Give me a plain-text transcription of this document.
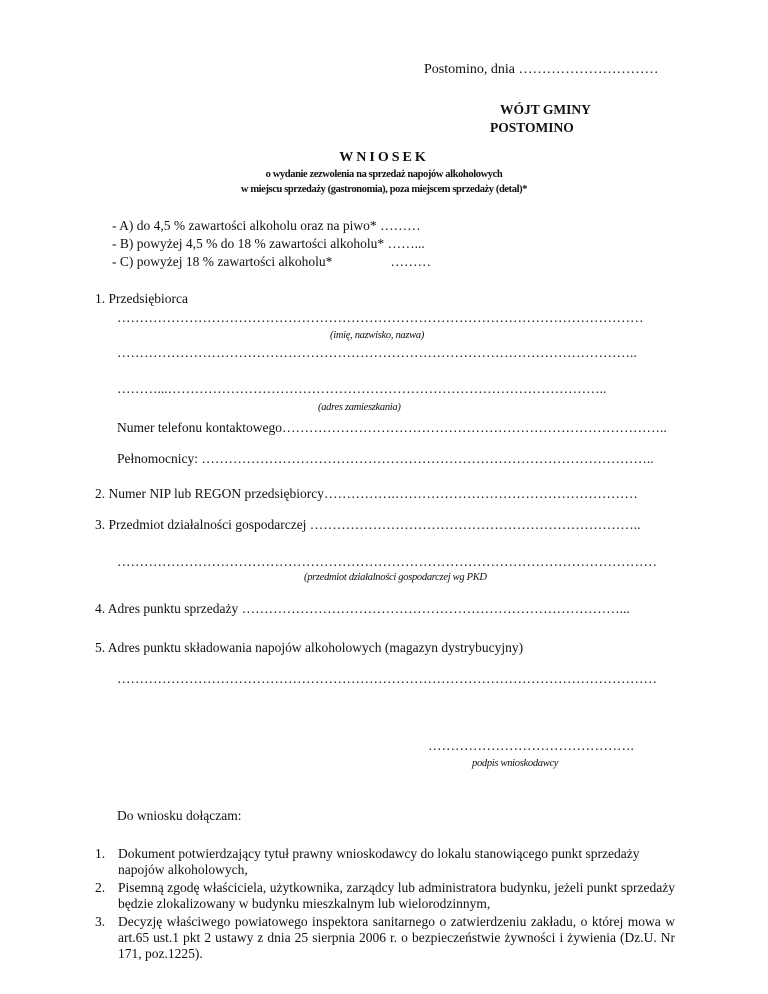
Postomino, dnia …………………………
WÓJT GMINY
POSTOMINO
WNIOSEK
o wydanie zezwolenia na sprzedaż napojów alkoholowych
w miejscu sprzedaży (gastronomia), poza miejscem sprzedaży (detal)*
- A) do 4,5 % zawartości alkoholu oraz na piwo* ………
- B) powyżej 4,5 % do 18 % zawartości alkoholu* ……...
- C) powyżej 18 % zawartości alkoholu*	………
1. Przedsiębiorca
………………………………………………………………………………………………………
(imię, nazwisko, nazwa)
……………………………………………………………………………………………………..
………...……………………………………………………………………………………..
(adres zamieszkania)
Numer telefonu kontaktowego…………………………………………………………………………..
Pełnomocnicy: ………………………………………………………………………………………..
2. Numer NIP lub REGON przedsiębiorcy…………….………………………………………………
3. Przedmiot działalności gospodarczej ………………………………………………………………..
…………………………………………………………………………………………………………
(przedmiot działalności gospodarczej wg PKD
4. Adres punktu sprzedaży …………………………………………………………………………...
5. Adres punktu składowania napojów alkoholowych (magazyn dystrybucyjny)
…………………………………………………………………………………………………………
……………………………………….
podpis wnioskodawcy
Do wniosku dołączam:
1. Dokument potwierdzający tytuł prawny wnioskodawcy do lokalu stanowiącego punkt sprzedaży napojów alkoholowych,
2. Pisemną zgodę właściciela, użytkownika, zarządcy lub administratora budynku, jeżeli punkt sprzedaży będzie zlokalizowany w budynku mieszkalnym lub wielorodzinnym,
3. Decyzję właściwego powiatowego inspektora sanitarnego o zatwierdzeniu zakładu, o której mowa w art.65 ust.1 pkt 2 ustawy z dnia 25 sierpnia 2006 r. o bezpieczeństwie żywności i żywienia (Dz.U. Nr 171, poz.1225).
